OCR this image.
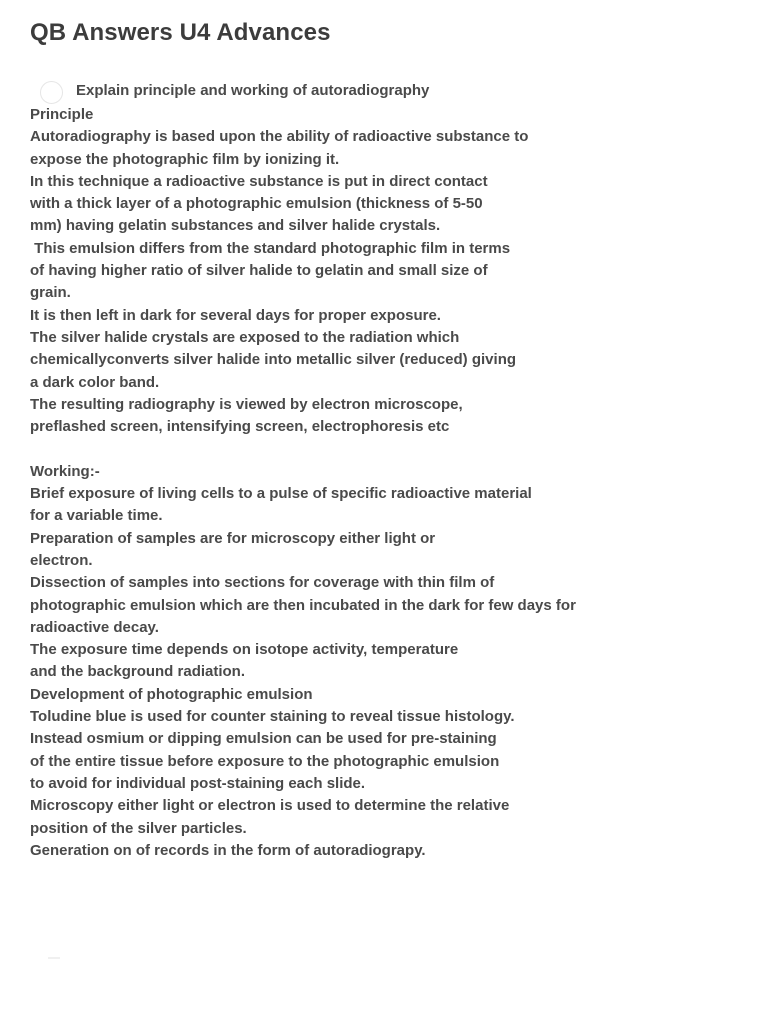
QB Answers U4 Advances
Explain principle and working of autoradiography
Principle
Autoradiography is based upon the ability of radioactive substance to
expose the photographic film by ionizing it.
In this technique a radioactive substance is put in direct contact
with a thick layer of a photographic emulsion (thickness of 5-50
mm) having gelatin substances and silver halide crystals.
This emulsion differs from the standard photographic film in terms
of having higher ratio of silver halide to gelatin and small size of
grain.
It is then left in dark for several days for proper exposure.
The silver halide crystals are exposed to the radiation which
chemicallyconverts silver halide into metallic silver (reduced) giving
a dark color band.
The resulting radiography is viewed by electron microscope,
preflashed screen, intensifying screen, electrophoresis etc
Working:-
Brief exposure of living cells to a pulse of specific radioactive material
for a variable time.
Preparation of samples are for microscopy either light or
electron.
Dissection of samples into sections for coverage with thin film of
photographic emulsion which are then incubated in the dark for few days for
radioactive decay.
The exposure time depends on isotope activity, temperature
and the background radiation.
Development of photographic emulsion
Toludine blue is used for counter staining to reveal tissue histology.
Instead osmium or dipping emulsion can be used for pre-staining
of the entire tissue before exposure to the photographic emulsion
to avoid for individual post-staining each slide.
Microscopy either light or electron is used to determine the relative
position of the silver particles.
Generation on of records in the form of autoradiograpy.
